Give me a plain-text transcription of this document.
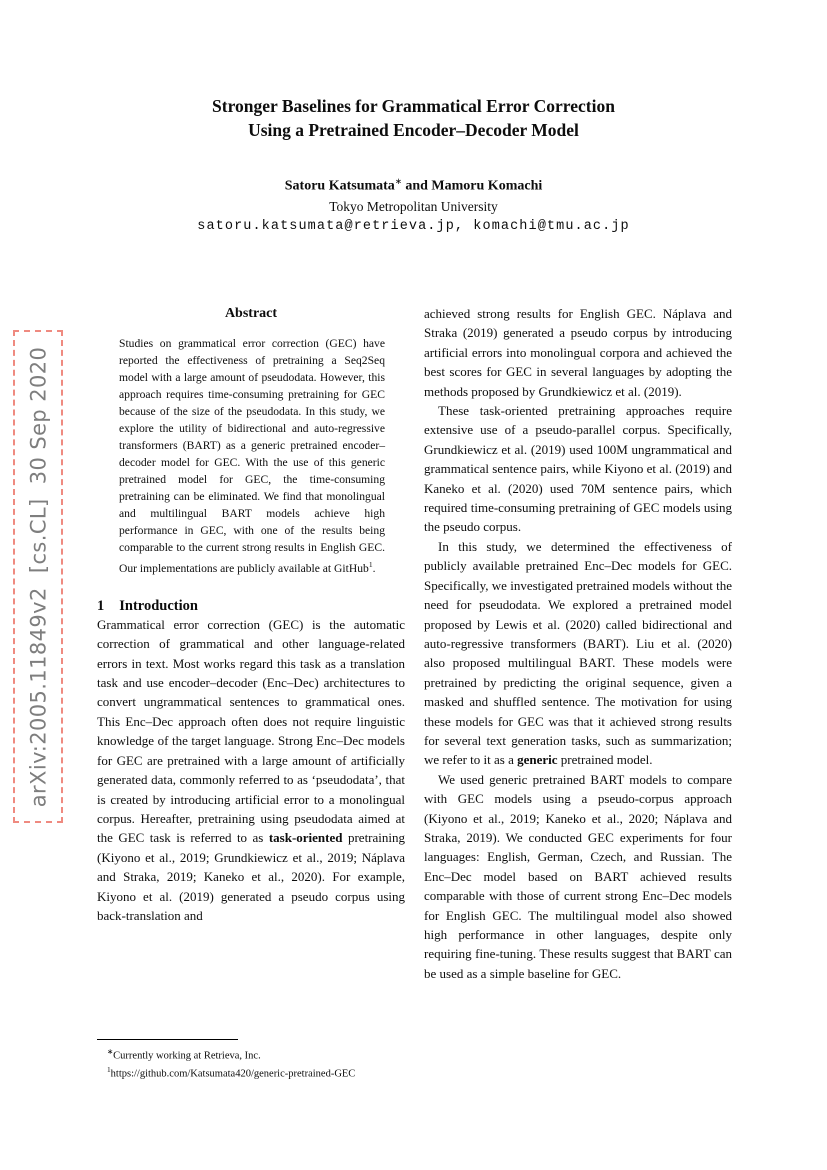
arXiv:2005.11849v2  [cs.CL]  30 Sep 2020
Stronger Baselines for Grammatical Error Correction
Using a Pretrained Encoder–Decoder Model
Satoru Katsumata∗ and Mamoru Komachi
Tokyo Metropolitan University
satoru.katsumata@retrieva.jp, komachi@tmu.ac.jp
Abstract

Studies on grammatical error correction (GEC) have reported the effectiveness of pretraining a Seq2Seq model with a large amount of pseudodata. However, this approach requires time-consuming pretraining for GEC because of the size of the pseudodata. In this study, we explore the utility of bidirectional and auto-regressive transformers (BART) as a generic pretrained encoder–decoder model for GEC. With the use of this generic pretrained model for GEC, the time-consuming pretraining can be eliminated. We find that monolingual and multilingual BART models achieve high performance in GEC, with one of the results being comparable to the current strong results in English GEC. Our implementations are publicly available at GitHub$^1$.

1 Introduction

Grammatical error correction (GEC) is the automatic correction of grammatical and other language-related errors in text. Most works regard this task as a translation task and use encoder–decoder (Enc–Dec) architectures to convert ungrammatical sentences to grammatical ones. This Enc–Dec approach often does not require linguistic knowledge of the target language. Strong Enc–Dec models for GEC are pretrained with a large amount of artificially generated data, commonly referred to as ‘pseudodata’, that is created by introducing artificial error to a monolingual corpus. Hereafter, pretraining using pseudodata aimed at the GEC task is referred to as task-oriented pretraining (Kiyono et al., 2019; Grundkiewicz et al., 2019; Náplava and Straka, 2019; Kaneko et al., 2020). For example, Kiyono et al. (2019) generated a pseudo corpus using back-translation and

achieved strong results for English GEC. Náplava and Straka (2019) generated a pseudo corpus by introducing artificial errors into monolingual corpora and achieved the best scores for GEC in several languages by adopting the methods proposed by Grundkiewicz et al. (2019).

These task-oriented pretraining approaches require extensive use of a pseudo-parallel corpus. Specifically, Grundkiewicz et al. (2019) used 100M ungrammatical and grammatical sentence pairs, while Kiyono et al. (2019) and Kaneko et al. (2020) used 70M sentence pairs, which required time-consuming pretraining of GEC models using the pseudo corpus.

In this study, we determined the effectiveness of publicly available pretrained Enc–Dec models for GEC. Specifically, we investigated pretrained models without the need for pseudodata. We explored a pretrained model proposed by Lewis et al. (2020) called bidirectional and auto-regressive transformers (BART). Liu et al. (2020) also proposed multilingual BART. These models were pretrained by predicting the original sequence, given a masked and shuffled sentence. The motivation for using these models for GEC was that it achieved strong results for several text generation tasks, such as summarization; we refer to it as a generic pretrained model.

We used generic pretrained BART models to compare with GEC models using a pseudo-corpus approach (Kiyono et al., 2019; Kaneko et al., 2020; Náplava and Straka, 2019). We conducted GEC experiments for four languages: English, German, Czech, and Russian. The Enc–Dec model based on BART achieved results comparable with those of current strong Enc–Dec models for English GEC. The multilingual model also showed high performance in other languages, despite only requiring fine-tuning. These results suggest that BART can be used as a simple baseline for GEC.

∗Currently working at Retrieva, Inc.

$^1$https://github.com/Katsumata420/generic-pretrained-GEC
